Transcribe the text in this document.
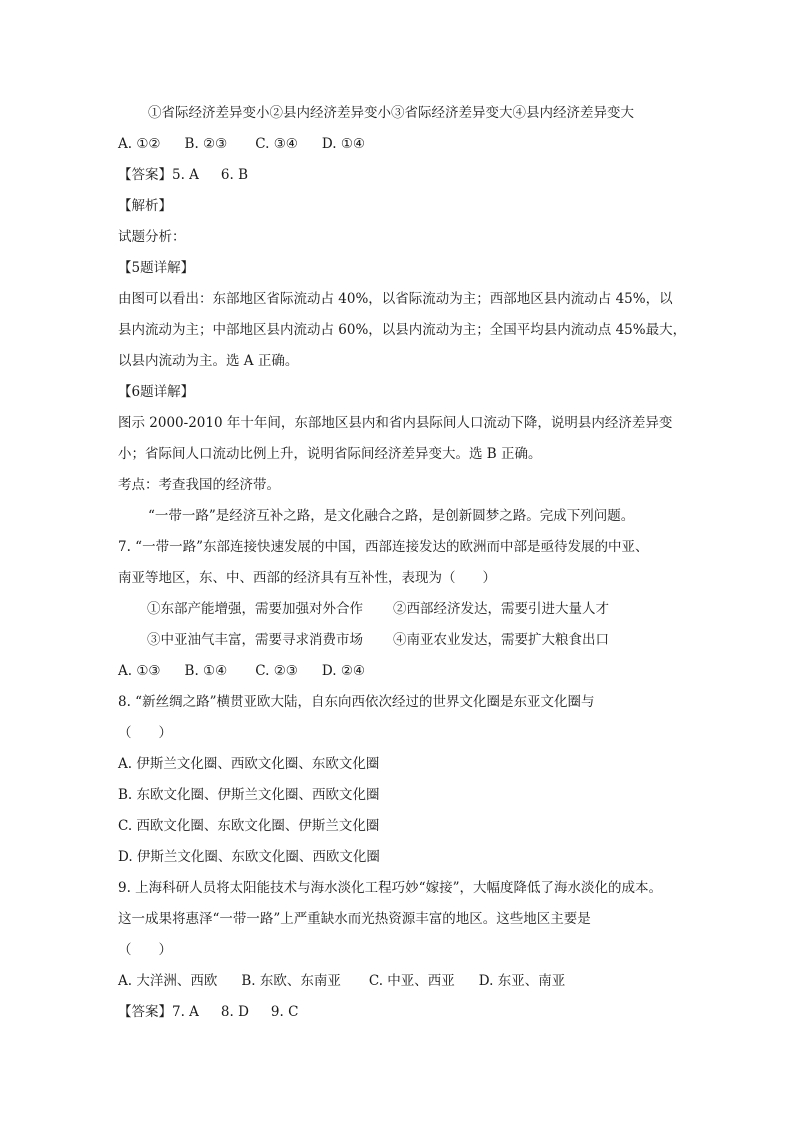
①省际经济差异变小②县内经济差异变小③省际经济差异变大④县内经济差异变大
A. ①② B. ②③ C. ③④ D. ①④
【答案】5. A 6. B
【解析】
试题分析：
【5题详解】
由图可以看出：东部地区省际流动占 40%，以省际流动为主；西部地区县内流动占 45%，以
县内流动为主；中部地区县内流动占 60%，以县内流动为主；全国平均县内流动点 45%最大，
以县内流动为主。选 A 正确。
【6题详解】
图示 2000-2010 年十年间，东部地区县内和省内县际间人口流动下降，说明县内经济差异变
小；省际间人口流动比例上升，说明省际间经济差异变大。选 B 正确。
考点：考查我国的经济带。
“一带一路”是经济互补之路，是文化融合之路，是创新圆梦之路。完成下列问题。
7. “一带一路”东部连接快速发展的中国，西部连接发达的欧洲而中部是亟待发展的中亚、
南亚等地区，东、中、西部的经济具有互补性，表现为（　　）
①东部产能增强，需要加强对外合作 ②西部经济发达，需要引进大量人才
③中亚油气丰富，需要寻求消费市场 ④南亚农业发达，需要扩大粮食出口
A. ①③ B. ①④ C. ②③ D. ②④
8. “新丝绸之路”横贯亚欧大陆，自东向西依次经过的世界文化圈是东亚文化圈与
（　　）
A. 伊斯兰文化圈、西欧文化圈、东欧文化圈
B. 东欧文化圈、伊斯兰文化圈、西欧文化圈
C. 西欧文化圈、东欧文化圈、伊斯兰文化圈
D. 伊斯兰文化圈、东欧文化圈、西欧文化圈
9. 上海科研人员将太阳能技术与海水淡化工程巧妙“嫁接”，大幅度降低了海水淡化的成本。
这一成果将惠泽“一带一路”上严重缺水而光热资源丰富的地区。这些地区主要是
（　　）
A. 大洋洲、西欧 B. 东欧、东南亚 C. 中亚、西亚 D. 东亚、南亚
【答案】7. A 8. D 9. C
